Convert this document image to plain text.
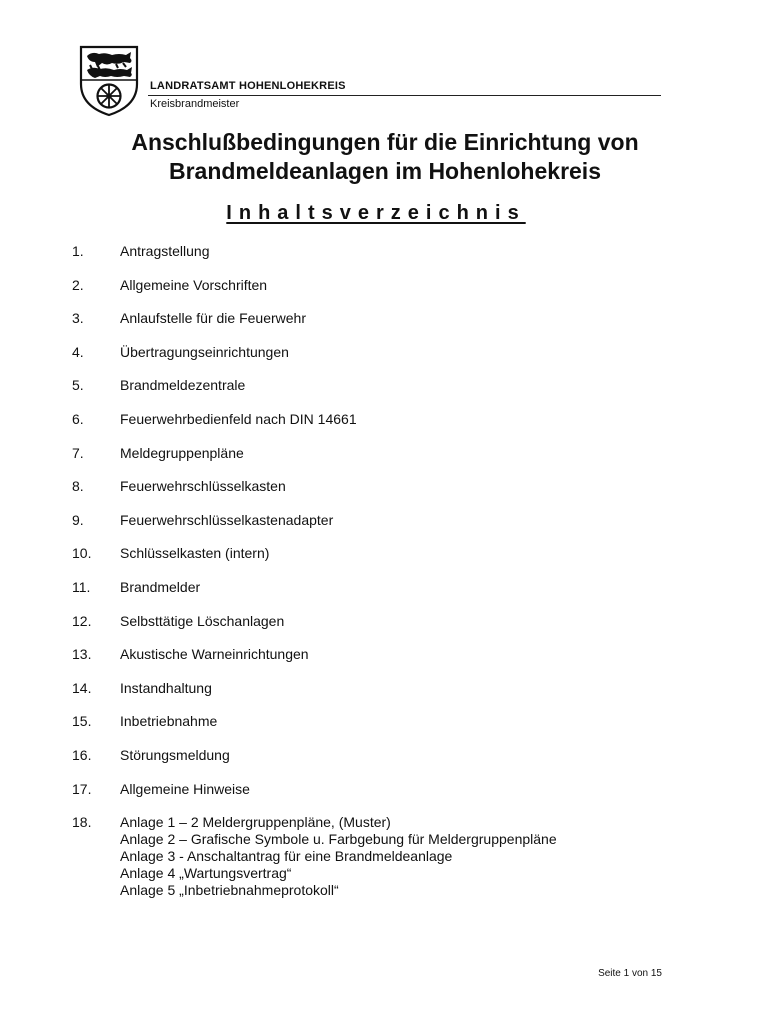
LANDRATSAMT HOHENLOHEKREIS
Kreisbrandmeister
Anschlußbedingungen für die Einrichtung von
Brandmeldeanlagen im Hohenlohekreis
Inhaltsverzeichnis
1.	Antragstellung
2.	Allgemeine Vorschriften
3.	Anlaufstelle für die Feuerwehr
4.	Übertragungseinrichtungen
5.	Brandmeldezentrale
6.	Feuerwehrbedienfeld nach DIN 14661
7.	Meldegruppenpläne
8.	Feuerwehrschlüsselkasten
9.	Feuerwehrschlüsselkastenadapter
10.	Schlüsselkasten (intern)
11.	Brandmelder
12.	Selbsttätige Löschanlagen
13.	Akustische Warneinrichtungen
14.	Instandhaltung
15.	Inbetriebnahme
16.	Störungsmeldung
17.	Allgemeine Hinweise
18.	Anlage 1 – 2 Meldergruppenpläne, (Muster)
Anlage 2 – Grafische Symbole u. Farbgebung für Meldergruppenpläne
Anlage 3 - Anschaltantrag für eine Brandmeldeanlage
Anlage 4 „Wartungsvertrag“
Anlage 5 „Inbetriebnahmeprotokoll“
Seite 1 von 15
